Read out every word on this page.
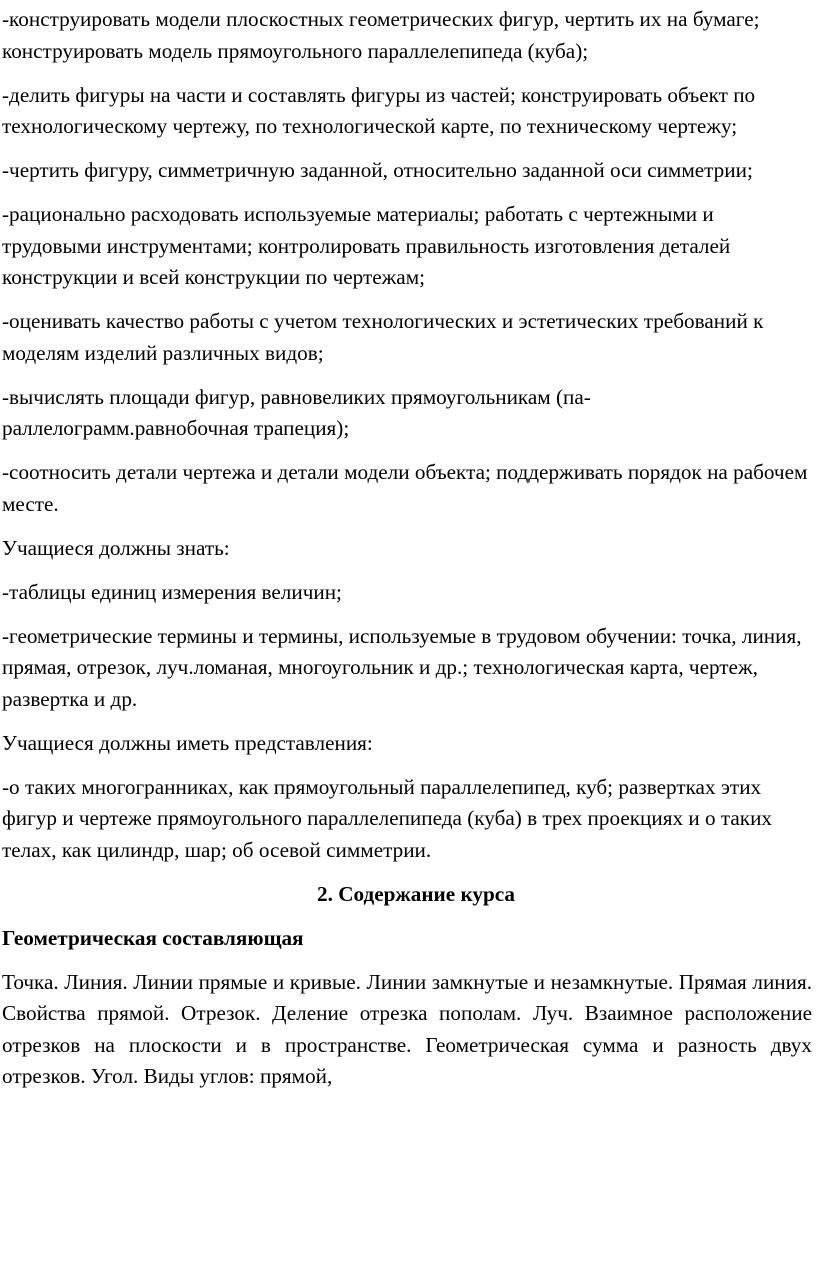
-конструировать модели плоскостных геометрических фигур, чертить их на бумаге; конструировать модель прямоугольного параллелепипеда (куба);

-делить фигуры на части и составлять фигуры из частей; конструировать объект по технологическому чертежу, по технологической карте, по техническому чертежу;

-чертить фигуру, симметричную заданной, относительно заданной оси симметрии;

-рационально расходовать используемые материалы; работать с чертежными и трудовыми инструментами; контролировать правильность изготовления деталей конструкции и всей конструкции по чертежам;

-оценивать качество работы с учетом технологических и эстетических требований к моделям изделий различных видов;

-вычислять площади фигур, равновеликих прямоугольникам (па-раллелограмм.равнобочная трапеция);

-соотносить детали чертежа и детали модели объекта; поддерживать порядок на рабочем месте.

Учащиеся должны знать:

-таблицы единиц измерения величин;

-геометрические термины и термины, используемые в трудовом обучении: точка, линия, прямая, отрезок, луч.ломаная, многоугольник и др.; технологическая карта, чертеж, развертка и др.

Учащиеся должны иметь представления:

-о таких многогранниках, как прямоугольный параллелепипед, куб; развертках этих фигур и чертеже прямоугольного параллелепипеда (куба) в трех проекциях и о таких телах, как цилиндр, шар; об осевой симметрии.

2. Содержание курса
Геометрическая составляющая

Точка. Линия. Линии прямые и кривые. Линии замкнутые и незамкнутые. Прямая линия. Свойства прямой. Отрезок. Деление отрезка пополам. Луч. Взаимное расположение отрезков на плоскости и в пространстве. Геометрическая сумма и разность двух отрезков. Угол. Виды углов: прямой,
